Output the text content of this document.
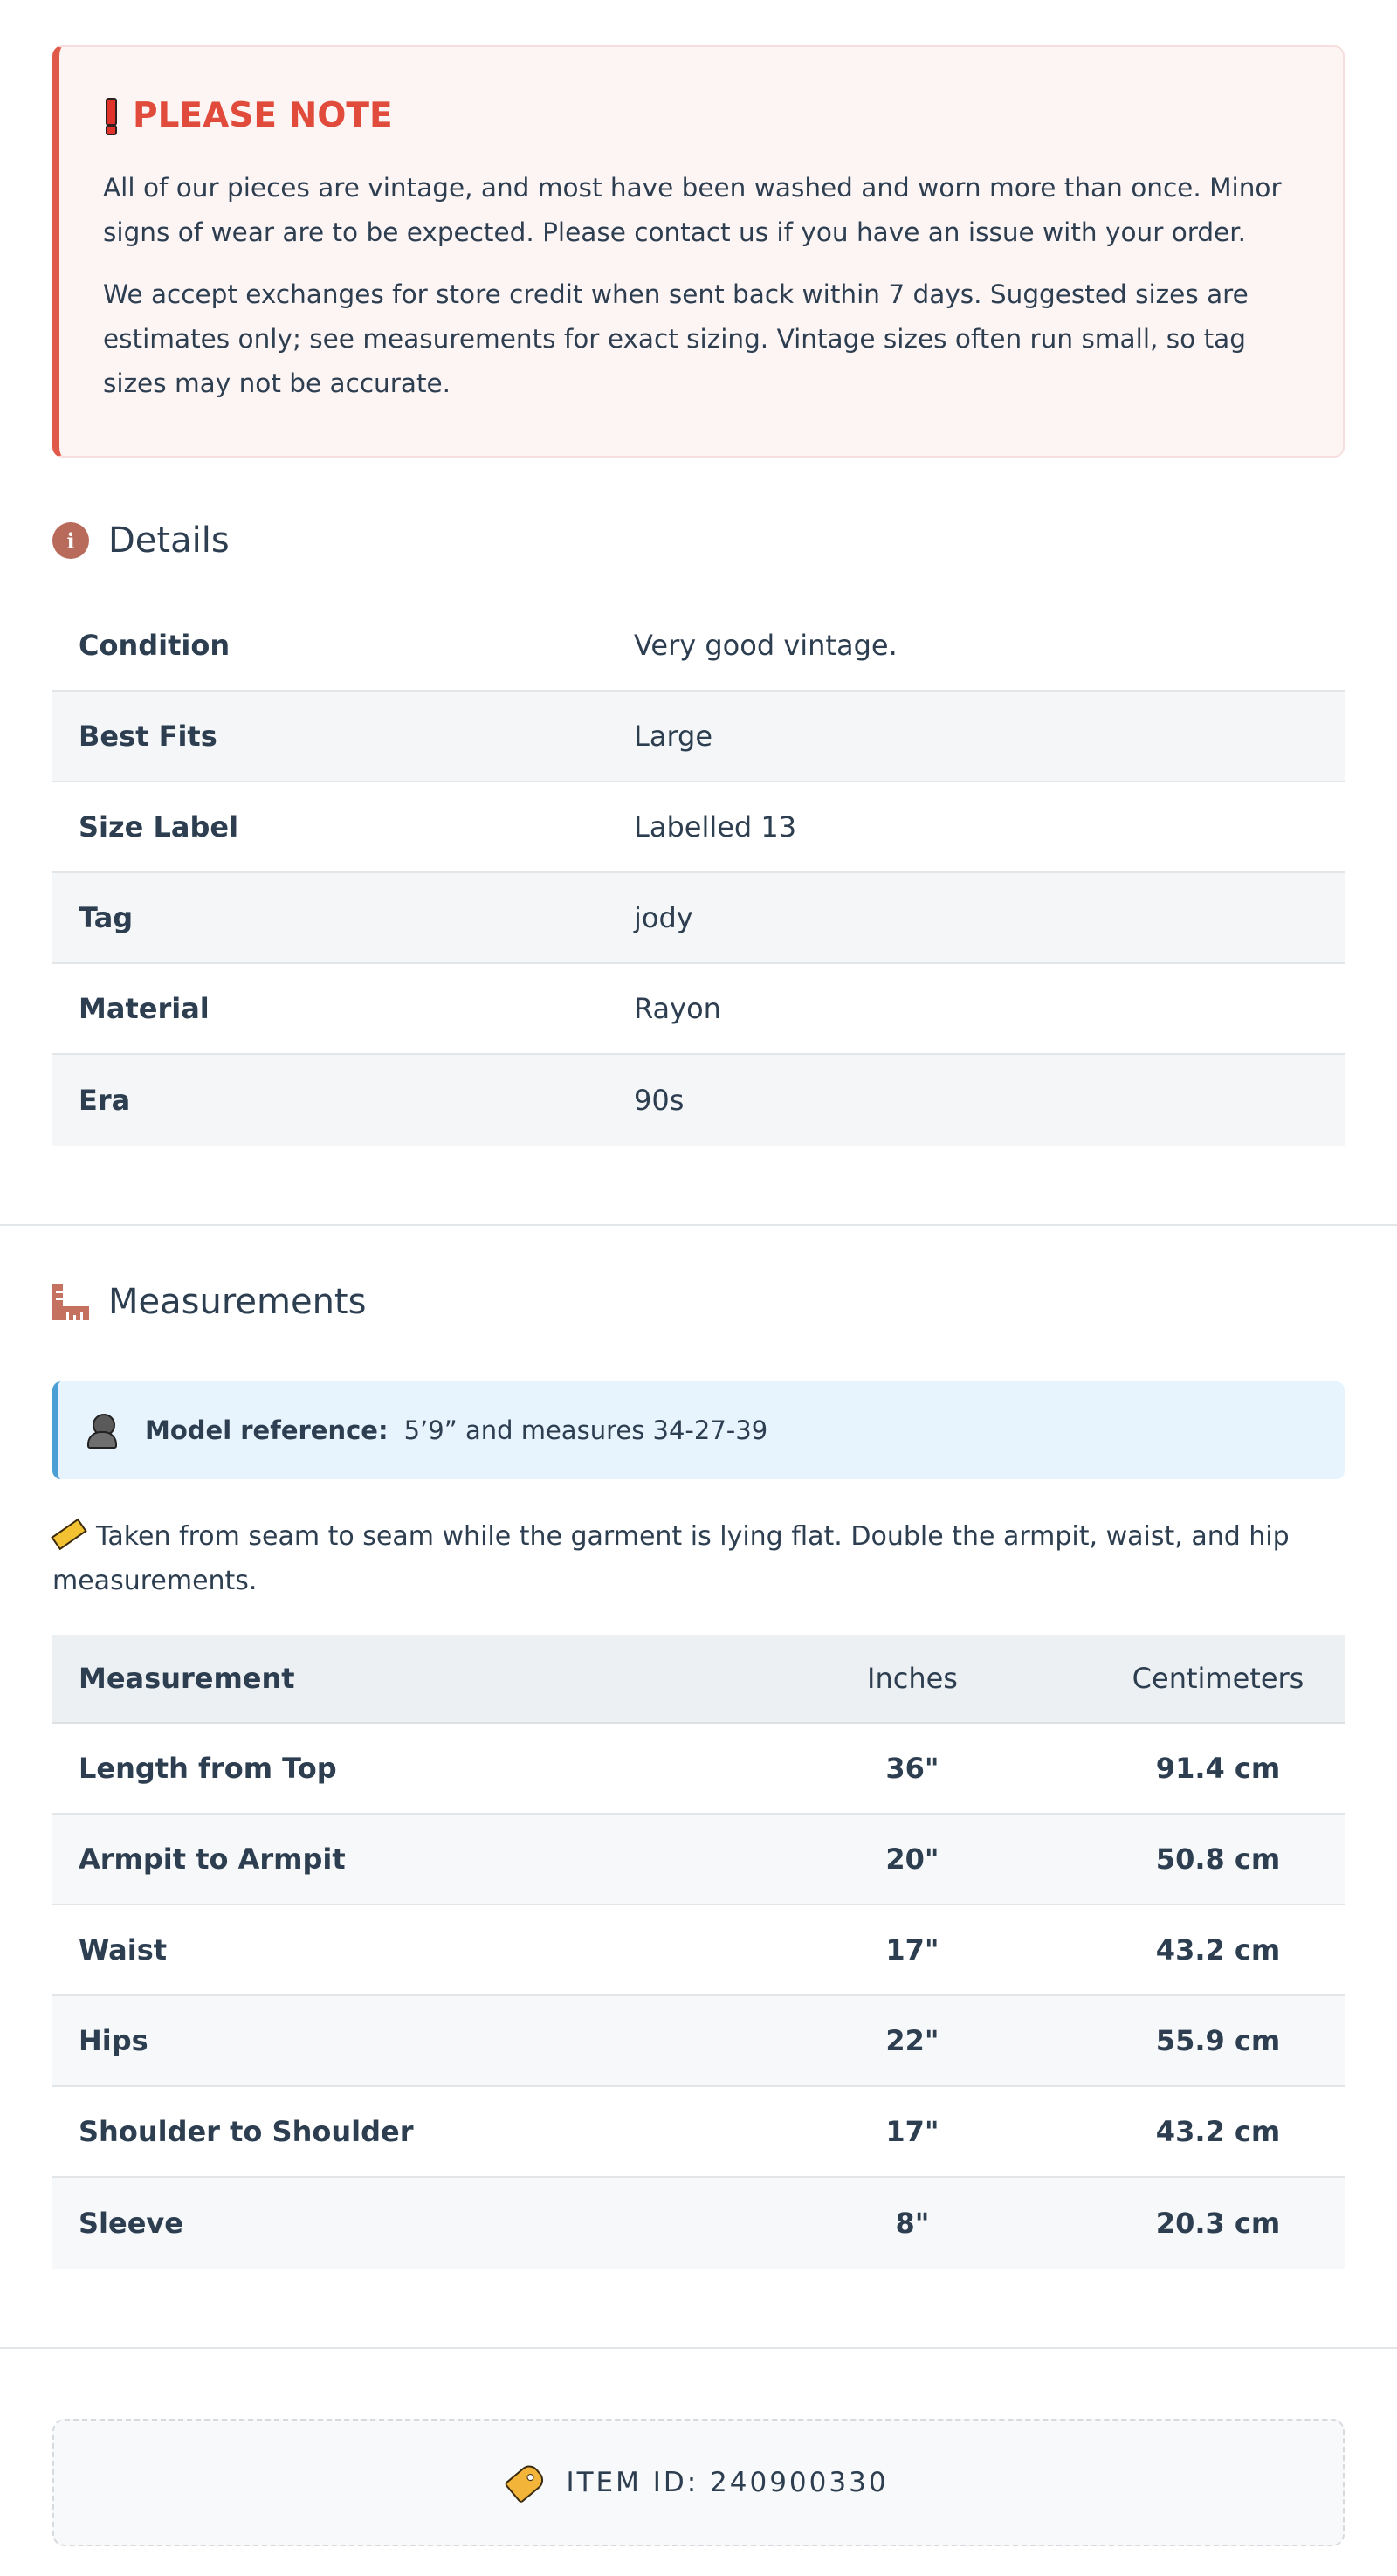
PLEASE NOTE

All of our pieces are vintage, and most have been washed and worn more than once. Minor signs of wear are to be expected. Please contact us if you have an issue with your order.

We accept exchanges for store credit when sent back within 7 days. Suggested sizes are estimates only; see measurements for exact sizing. Vintage sizes often run small, so tag sizes may not be accurate.

i Details
Condition	Very good vintage.
Best Fits	Large
Size Label	Labelled 13
Tag	jody
Material	Rayon
Era	90s
Measurements
Model reference: 5’9” and measures 34-27-39
Taken from seam to seam while the garment is lying flat. Double the armpit, waist, and hip measurements.
Measurement	Inches	Centimeters
Length from Top	36"	91.4 cm
Armpit to Armpit	20"	50.8 cm
Waist	17"	43.2 cm
Hips	22"	55.9 cm
Shoulder to Shoulder	17"	43.2 cm
Sleeve	8"	20.3 cm
ITEM ID: 240900330
